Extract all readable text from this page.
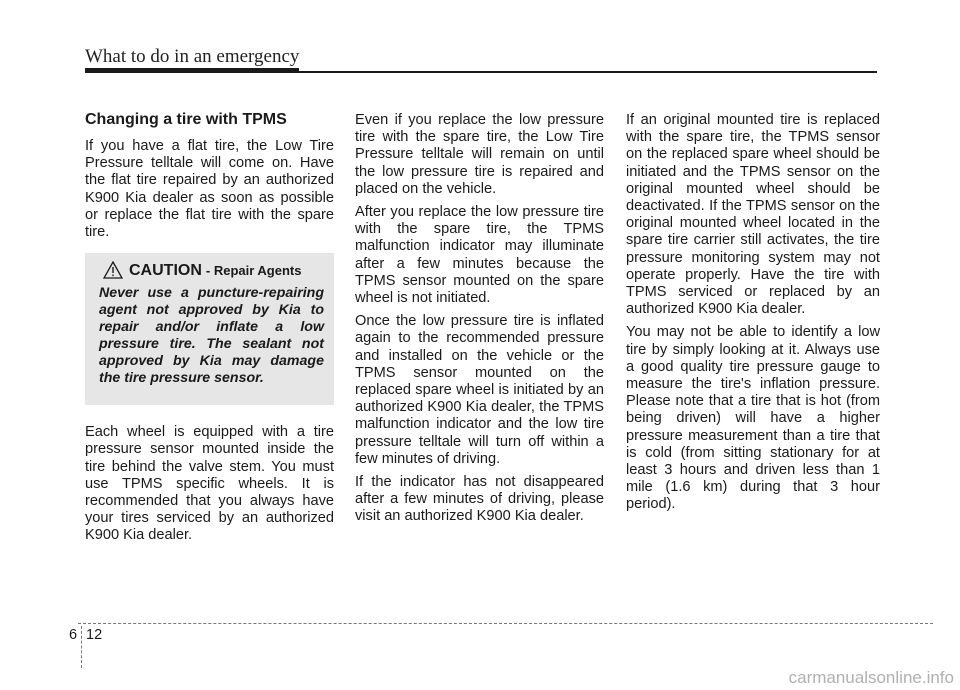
What to do in an emergency
Changing a tire with TPMS

If you have a flat tire, the Low Tire Pressure telltale will come on. Have the flat tire repaired by an authorized K900 Kia dealer as soon as possible or replace the flat tire with the spare tire.

CAUTION - Repair Agents

Never use a puncture-repairing agent not approved by Kia to repair and/or inflate a low pressure tire. The sealant not approved by Kia may damage the tire pressure sensor.

Each wheel is equipped with a tire pressure sensor mounted inside the tire behind the valve stem. You must use TPMS specific wheels. It is recommended that you always have your tires serviced by an authorized K900 Kia dealer.

Even if you replace the low pressure tire with the spare tire, the Low Tire Pressure telltale will remain on until the low pressure tire is repaired and placed on the vehicle.

After you replace the low pressure tire with the spare tire, the TPMS malfunction indicator may illuminate after a few minutes because the TPMS sensor mounted on the spare wheel is not initiated.

Once the low pressure tire is inflated again to the recommended pressure and installed on the vehicle or the TPMS sensor mounted on the replaced spare wheel is initiated by an authorized K900 Kia dealer, the TPMS malfunction indicator and the low tire pressure telltale will turn off within a few minutes of driving.

If the indicator has not disappeared after a few minutes of driving, please visit an authorized K900 Kia dealer.

If an original mounted tire is replaced with the spare tire, the TPMS sensor on the replaced spare wheel should be initiated and the TPMS sensor on the original mounted wheel should be deactivated. If the TPMS sensor on the original mounted wheel located in the spare tire carrier still activates, the tire pressure monitoring system may not operate properly. Have the tire with TPMS serviced or replaced by an authorized K900 Kia dealer.

You may not be able to identify a low tire by simply looking at it. Always use a good quality tire pressure gauge to measure the tire's inflation pressure. Please note that a tire that is hot (from being driven) will have a higher pressure measurement than a tire that is cold (from sitting stationary for at least 3 hours and driven less than 1 mile (1.6 km) during that 3 hour period).

6 12
carmanualsonline.info
